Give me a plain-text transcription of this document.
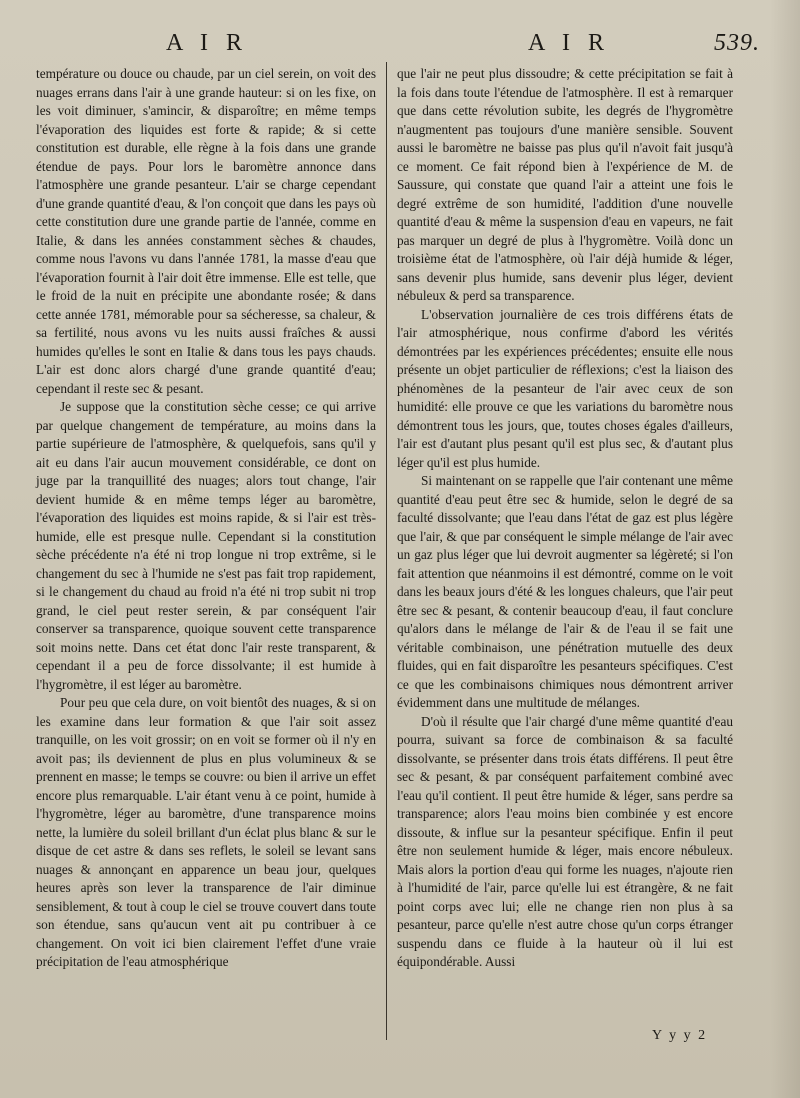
A I R	A I R	539.

température ou douce ou chaude, par un ciel serein, on voit des nuages errans dans l'air à une grande hauteur: si on les fixe, on les voit diminuer, s'amincir, & disparoître; en même temps l'évaporation des liquides est forte & rapide; & si cette constitution est durable, elle règne à la fois dans une grande étendue de pays. Pour lors le baromètre annonce dans l'atmosphère une grande pesanteur. L'air se charge cependant d'une grande quantité d'eau, & l'on conçoit que dans les pays où cette constitution dure une grande partie de l'année, comme en Italie, & dans les années constamment sèches & chaudes, comme nous l'avons vu dans l'année 1781, la masse d'eau que l'évaporation fournit à l'air doit être immense. Elle est telle, que le froid de la nuit en précipite une abondante rosée; & dans cette année 1781, mémorable pour sa sécheresse, sa chaleur, & sa fertilité, nous avons vu les nuits aussi fraîches & aussi humides qu'elles le sont en Italie & dans tous les pays chauds. L'air est donc alors chargé d'une grande quantité d'eau; cependant il reste sec & pesant.

Je suppose que la constitution sèche cesse; ce qui arrive par quelque changement de température, au moins dans la partie supérieure de l'atmosphère, & quelquefois, sans qu'il y ait eu dans l'air aucun mouvement considérable, ce dont on juge par la tranquillité des nuages; alors tout change, l'air devient humide & en même temps léger au baromètre, l'évaporation des liquides est moins rapide, & si l'air est très-humide, elle est presque nulle. Cependant si la constitution sèche précédente n'a été ni trop longue ni trop extrême, si le changement du sec à l'humide ne s'est pas fait trop rapidement, si le changement du chaud au froid n'a été ni trop subit ni trop grand, le ciel peut rester serein, & par conséquent l'air conserver sa transparence, quoique souvent cette transparence soit moins nette. Dans cet état donc l'air reste transparent, & cependant il a peu de force dissolvante; il est humide à l'hygromètre, il est léger au baromètre.

Pour peu que cela dure, on voit bientôt des nuages, & si on les examine dans leur formation & que l'air soit assez tranquille, on les voit grossir; on en voit se former où il n'y en avoit pas; ils deviennent de plus en plus volumineux & se prennent en masse; le temps se couvre: ou bien il arrive un effet encore plus remarquable. L'air étant venu à ce point, humide à l'hygromètre, léger au baromètre, d'une transparence moins nette, la lumière du soleil brillant d'un éclat plus blanc & sur le disque de cet astre & dans ses reflets, le soleil se levant sans nuages & annonçant en apparence un beau jour, quelques heures après son lever la transparence de l'air diminue sensiblement, & tout à coup le ciel se trouve couvert dans toute son étendue, sans qu'aucun vent ait pu contribuer à ce changement. On voit ici bien clairement l'effet d'une vraie précipitation de l'eau atmosphérique

que l'air ne peut plus dissoudre; & cette précipitation se fait à la fois dans toute l'étendue de l'atmosphère. Il est à remarquer que dans cette révolution subite, les degrés de l'hygromètre n'augmentent pas toujours d'une manière sensible. Souvent aussi le baromètre ne baisse pas plus qu'il n'avoit fait jusqu'à ce moment. Ce fait répond bien à l'expérience de M. de Saussure, qui constate que quand l'air a atteint une fois le degré extrême de son humidité, l'addition d'une nouvelle quantité d'eau & même la suspension d'eau en vapeurs, ne fait pas marquer un degré de plus à l'hygromètre. Voilà donc un troisième état de l'atmosphère, où l'air déjà humide & léger, sans devenir plus humide, sans devenir plus léger, devient nébuleux & perd sa transparence.

L'observation journalière de ces trois différens états de l'air atmosphérique, nous confirme d'abord les vérités démontrées par les expériences précédentes; ensuite elle nous présente un objet particulier de réflexions; c'est la liaison des phénomènes de la pesanteur de l'air avec ceux de son humidité: elle prouve ce que les variations du baromètre nous démontrent tous les jours, que, toutes choses égales d'ailleurs, l'air est d'autant plus pesant qu'il est plus sec, & d'autant plus léger qu'il est plus humide.

Si maintenant on se rappelle que l'air contenant une même quantité d'eau peut être sec & humide, selon le degré de sa faculté dissolvante; que l'eau dans l'état de gaz est plus légère que l'air, & que par conséquent le simple mélange de l'air avec un gaz plus léger que lui devroit augmenter sa légèreté; si l'on fait attention que néanmoins il est démontré, comme on le voit dans les beaux jours d'été & les longues chaleurs, que l'air peut être sec & pesant, & contenir beaucoup d'eau, il faut conclure qu'alors dans le mélange de l'air & de l'eau il se fait une véritable combinaison, une pénétration mutuelle des deux fluides, qui en fait disparoître les pesanteurs spécifiques. C'est ce que les combinaisons chimiques nous démontrent arriver évidemment dans une multitude de mélanges.

D'où il résulte que l'air chargé d'une même quantité d'eau pourra, suivant sa force de combinaison & sa faculté dissolvante, se présenter dans trois états différens. Il peut être sec & pesant, & par conséquent parfaitement combiné avec l'eau qu'il contient. Il peut être humide & léger, sans perdre sa transparence; alors l'eau moins bien combinée y est encore dissoute, & influe sur la pesanteur spécifique. Enfin il peut être non seulement humide & léger, mais encore nébuleux. Mais alors la portion d'eau qui forme les nuages, n'ajoute rien à l'humidité de l'air, parce qu'elle lui est étrangère, & ne fait point corps avec lui; elle ne change rien non plus à sa pesanteur, parce qu'elle n'est autre chose qu'un corps étranger suspendu dans ce fluide à la hauteur où il lui est équipondérable. Aussi

Y y y 2
